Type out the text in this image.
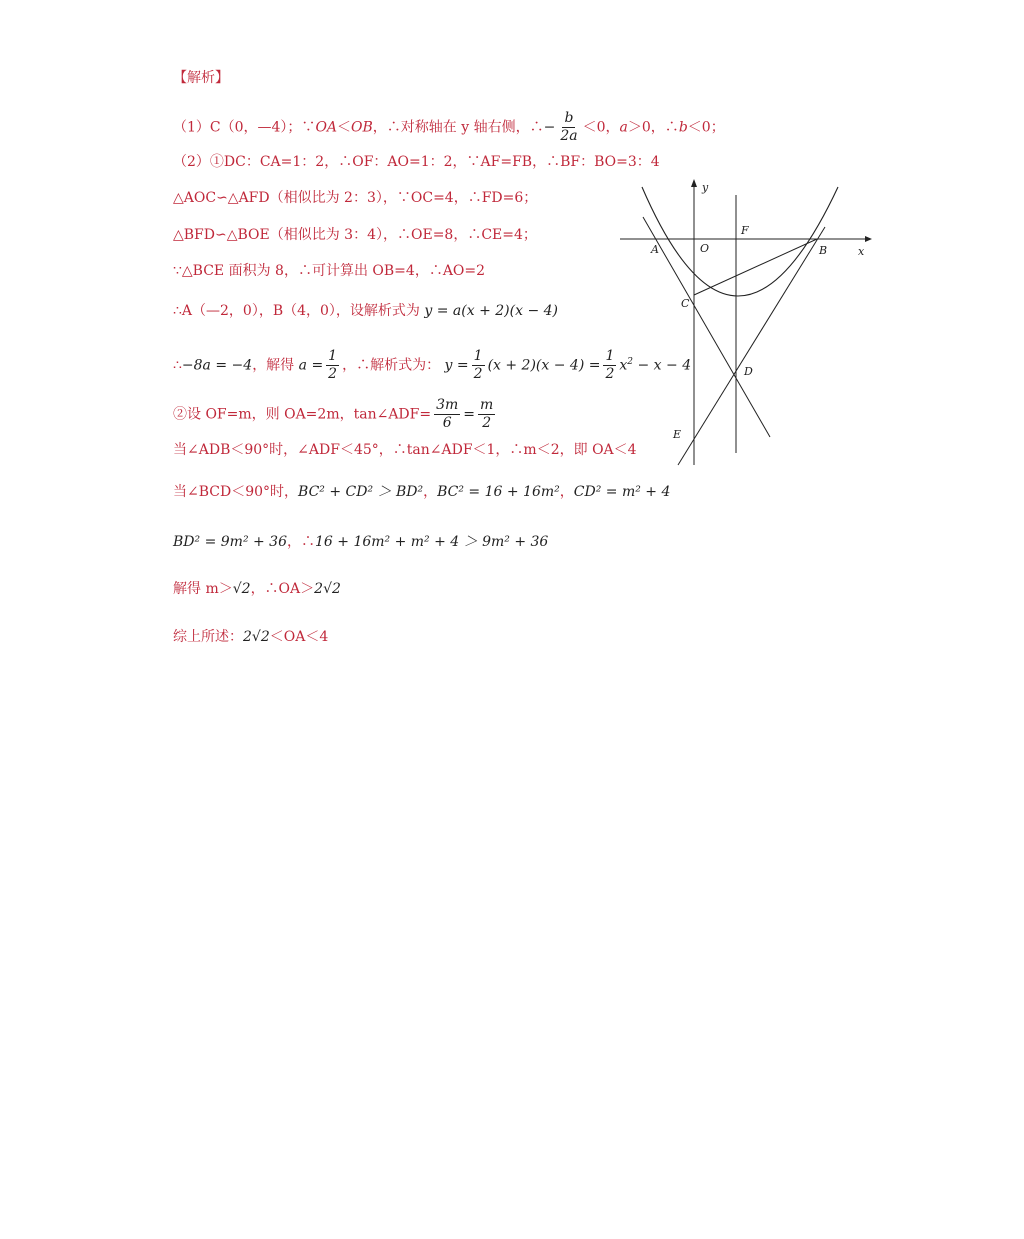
【解析】
（1）C（0，—4）；∵OA＜OB，∴对称轴在 y 轴右侧，∴− $\frac{b}{2a} <0$，a＞0，∴b＜0；
（2）①DC：CA=1：2，∴OF：AO=1：2，∵AF=FB，∴BF：BO=3：4
△AOC∽△AFD（相似比为 2：3），∵OC=4，∴FD=6；
△BFD∽△BOE（相似比为 3：4），∴OE=8，∴CE=4；
∵△BCE 面积为 8，∴可计算出 OB=4，∴AO=2
∴A（—2，0），B（4，0），设解析式为 y = a(x + 2)(x − 4)
∴−8a = −4，解得 $a = \frac{1}{2}$ ，∴解析式为： $y = \frac{1}{2} (x + 2)(x - 4) = \frac{1}{2} x^2 - x - 4$
②设 OF=m，则 OA=2m，tan∠ADF= $\frac{3m}{6} = \frac{m}{2}$
当∠ADB＜90°时，∠ADF＜45°，∴tan∠ADF＜1，∴m＜2，即 OA＜4
当∠BCD＜90°时，BC² + CD² ＞ BD²，BC² = 16 + 16m²，CD² = m² + 4
BD² = 9m² + 36，∴16 + 16m² + m² + 4 ＞ 9m² + 36
解得 m＞√2，∴OA＞2√2
综上所述：2√2＜OA＜4
x
y
A	O
F
B
C
D
E
